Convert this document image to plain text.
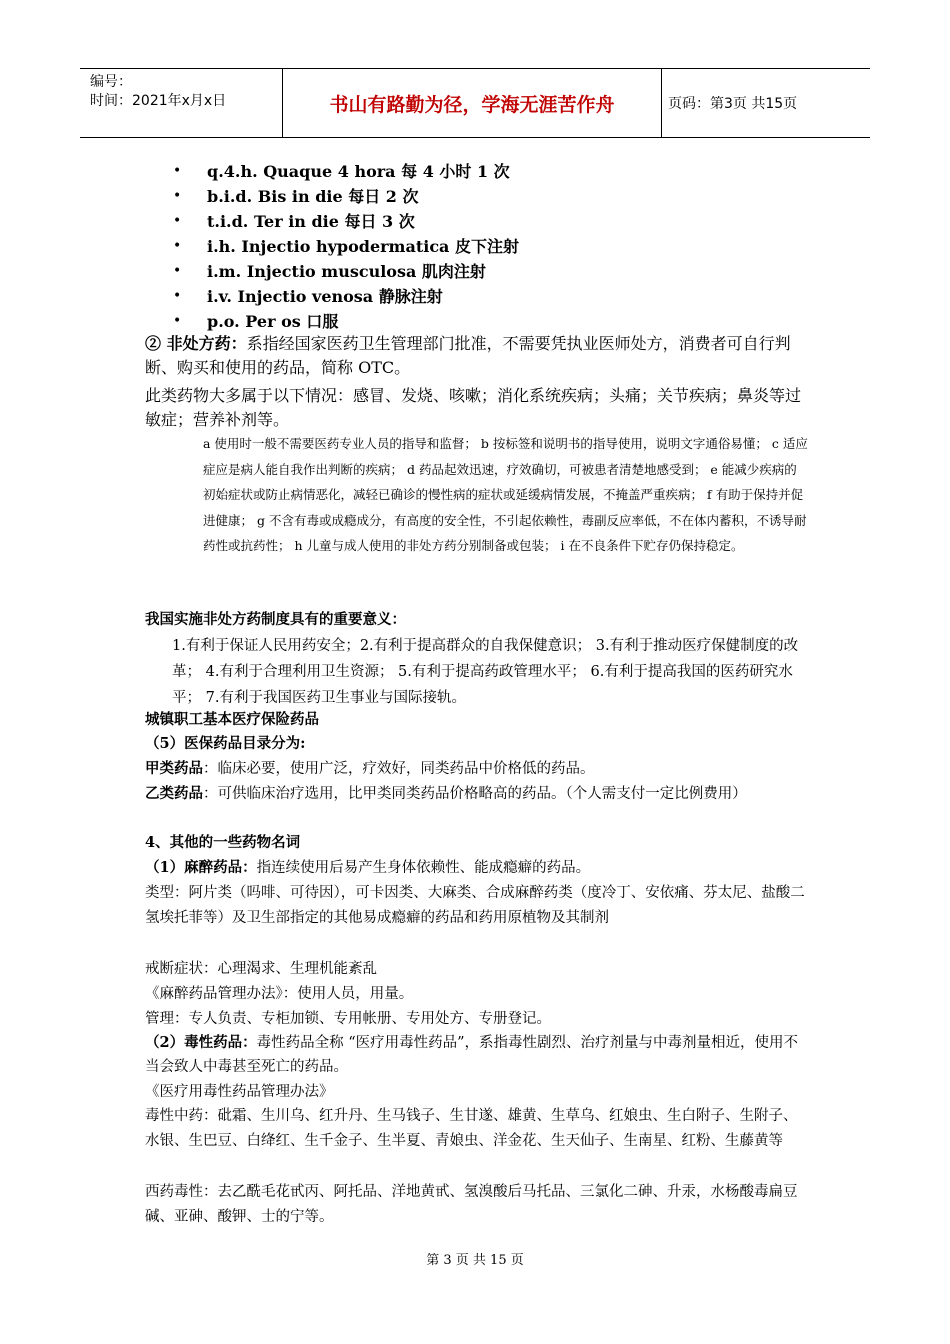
编号：
时间：2021年x月x日	书山有路勤为径，学海无涯苦作舟	页码：第3页 共15页
•	q.4.h. Quaque 4 hora 每 4 小时 1 次
•	b.i.d. Bis in die 每日 2 次
•	t.i.d. Ter in die 每日 3 次
•	i.h. Injectio hypodermatica 皮下注射
•	i.m. Injectio musculosa 肌肉注射
•	i.v. Injectio venosa 静脉注射
•	p.o. Per os 口服
② 非处方药：系指经国家医药卫生管理部门批准，不需要凭执业医师处方，消费者可自行判断、购买和使用的药品，简称 OTC。
此类药物大多属于以下情况：感冒、发烧、咳嗽；消化系统疾病；头痛；关节疾病；鼻炎等过敏症；营养补剂等。
a 使用时一般不需要医药专业人员的指导和监督； b 按标签和说明书的指导使用，说明文字通俗易懂； c 适应症应是病人能自我作出判断的疾病； d 药品起效迅速，疗效确切，可被患者清楚地感受到； e 能减少疾病的初始症状或防止病情恶化，减轻已确诊的慢性病的症状或延缓病情发展，不掩盖严重疾病； f 有助于保持并促进健康； g 不含有毒或成瘾成分，有高度的安全性，不引起依赖性，毒副反应率低，不在体内蓄积，不诱导耐药性或抗药性； h 儿童与成人使用的非处方药分别制备或包装； i 在不良条件下贮存仍保持稳定。
我国实施非处方药制度具有的重要意义：
1.有利于保证人民用药安全；2.有利于提高群众的自我保健意识； 3.有利于推动医疗保健制度的改革； 4.有利于合理利用卫生资源； 5.有利于提高药政管理水平； 6.有利于提高我国的医药研究水平； 7.有利于我国医药卫生事业与国际接轨。
城镇职工基本医疗保险药品
（5）医保药品目录分为:
甲类药品：临床必要，使用广泛，疗效好，同类药品中价格低的药品。
乙类药品：可供临床治疗选用，比甲类同类药品价格略高的药品。（个人需支付一定比例费用）
4、其他的一些药物名词
（1）麻醉药品：指连续使用后易产生身体依赖性、能成瘾癖的药品。
类型：阿片类（吗啡、可待因），可卡因类、大麻类、合成麻醉药类（度冷丁、安依痛、芬太尼、盐酸二氢埃托菲等）及卫生部指定的其他易成瘾癖的药品和药用原植物及其制剂
戒断症状：心理渴求、生理机能紊乱
《麻醉药品管理办法》：使用人员，用量。
管理：专人负责、专柜加锁、专用帐册、专用处方、专册登记。
（2）毒性药品：毒性药品全称 “医疗用毒性药品”，系指毒性剧烈、治疗剂量与中毒剂量相近，使用不当会致人中毒甚至死亡的药品。
《医疗用毒性药品管理办法》
毒性中药：砒霜、生川乌、红升丹、生马钱子、生甘遂、雄黄、生草乌、红娘虫、生白附子、生附子、水银、生巴豆、白绛红、生千金子、生半夏、青娘虫、洋金花、生天仙子、生南星、红粉、生藤黄等
西药毒性：去乙酰毛花甙丙、阿托品、洋地黄甙、氢溴酸后马托品、三氯化二砷、升汞，水杨酸毒扁豆碱、亚砷、酸钾、士的宁等。
第 3 页 共 15 页
